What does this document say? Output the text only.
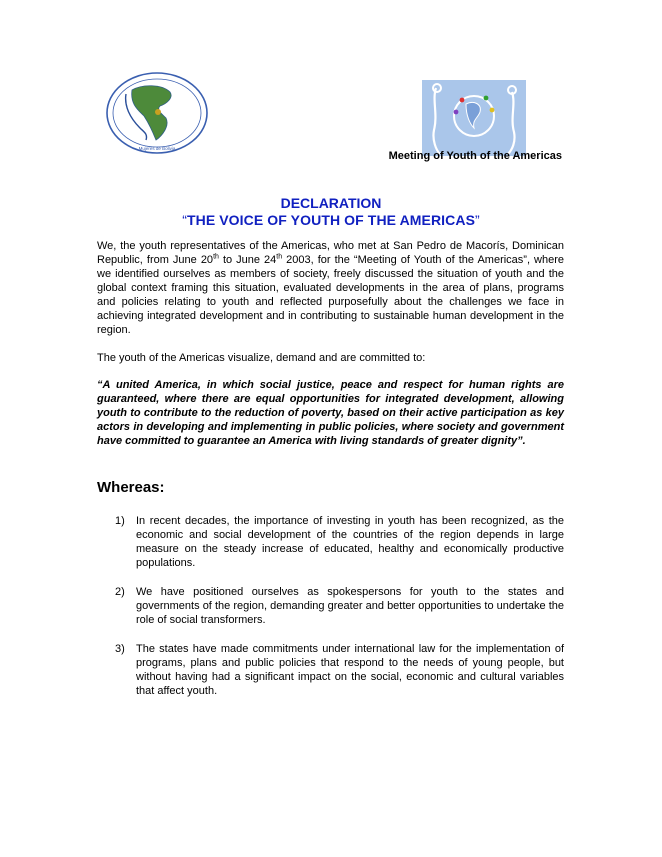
Mujeres de Bolivia
Meeting of Youth of the Americas
DECLARATION
“THE VOICE OF YOUTH OF THE AMERICAS”
We, the youth representatives of the Americas, who met at San Pedro de Macorís, Dominican Republic, from June 20th to June 24th 2003, for the “Meeting of Youth of the Americas”, where we identified ourselves as members of society, freely discussed the situation of youth and the global context framing this situation, evaluated developments in the area of plans, programs and policies relating to youth and reflected purposefully about the challenges we face in achieving integrated development and in contributing to sustainable human development in the region.
The youth of the Americas visualize, demand and are committed to:
“A united America, in which social justice, peace and respect for human rights are guaranteed, where there are equal opportunities for integrated development, allowing youth to contribute to the reduction of poverty, based on their active participation as key actors in developing and implementing in public policies, where society and government have committed to guarantee an America with living standards of greater dignity”.
Whereas:
1)	In recent decades, the importance of investing in youth has been recognized, as the economic and social development of the countries of the region depends in large measure on the steady increase of educated, healthy and economically productive populations.
2)	We have positioned ourselves as spokespersons for youth to the states and governments of the region, demanding greater and better opportunities to undertake the role of social transformers.
3)	The states have made commitments under international law for the implementation of programs, plans and public policies that respond to the needs of young people, but without having had a significant impact on the social, economic and cultural variables that affect youth.
